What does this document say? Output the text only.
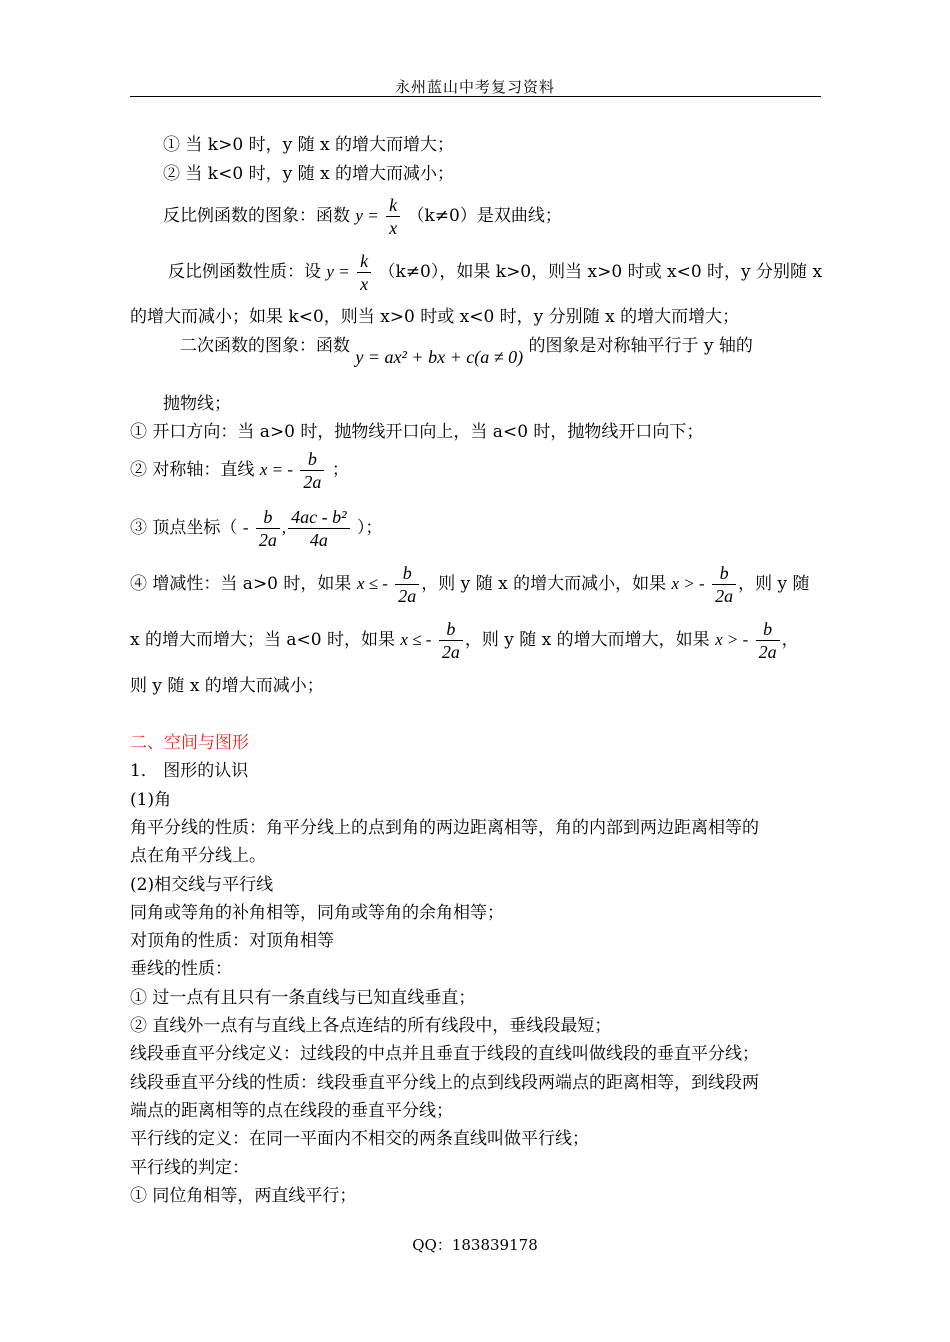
永州蓝山中考复习资料
① 当 k>0 时，y 随 x 的增大而增大；
② 当 k<0 时，y 随 x 的增大而减小；
反比例函数的图象：函数 $y = \frac{k}{x} (k\ne 0)$是双曲线；
反比例函数性质：设 $y = \frac{k}{x} (k\ne 0)$，如果 k>0，则当 x>0 时或 x<0 时，y 分别随 x
的增大而减小；如果 k<0，则当 x>0 时或 x<0 时，y 分别随 x 的增大而增大；
二次函数的图象：函数 y = ax² + bx + c(a ≠ 0) 的图象是对称轴平行于 y 轴的
抛物线；
① 开口方向：当 a>0 时，抛物线开口向上，当 a<0 时，抛物线开口向下；
② 对称轴：直线 x = - $\frac{b}{2a}$ ；
③ 顶点坐标（ - $\frac{b}{2a}$ , $\frac{\text{4ac - b²}}{4a}$ ）；
④ 增减性：当 a>0 时，如果 x ≤ - $\frac{b}{2a}$ ，则 y 随 x 的增大而减小，如果 x > - $\frac{b}{2a}$ ，则 y 随
x 的增大而增大；当 a<0 时，如果 x ≤ - $\frac{b}{2a}$ ，则 y 随 x 的增大而增大，如果 x > - $\frac{b}{2a}$ ，
则 y 随 x 的增大而减小；
二、空间与图形
1． 图形的认识
(1)角
角平分线的性质：角平分线上的点到角的两边距离相等，角的内部到两边距离相等的
点在角平分线上。
(2)相交线与平行线
同角或等角的补角相等，同角或等角的余角相等；
对顶角的性质：对顶角相等
垂线的性质：
① 过一点有且只有一条直线与已知直线垂直；
② 直线外一点有与直线上各点连结的所有线段中，垂线段最短；
线段垂直平分线定义：过线段的中点并且垂直于线段的直线叫做线段的垂直平分线；
线段垂直平分线的性质：线段垂直平分线上的点到线段两端点的距离相等，到线段两
端点的距离相等的点在线段的垂直平分线；
平行线的定义：在同一平面内不相交的两条直线叫做平行线；
平行线的判定：
① 同位角相等，两直线平行；
QQ：183839178
